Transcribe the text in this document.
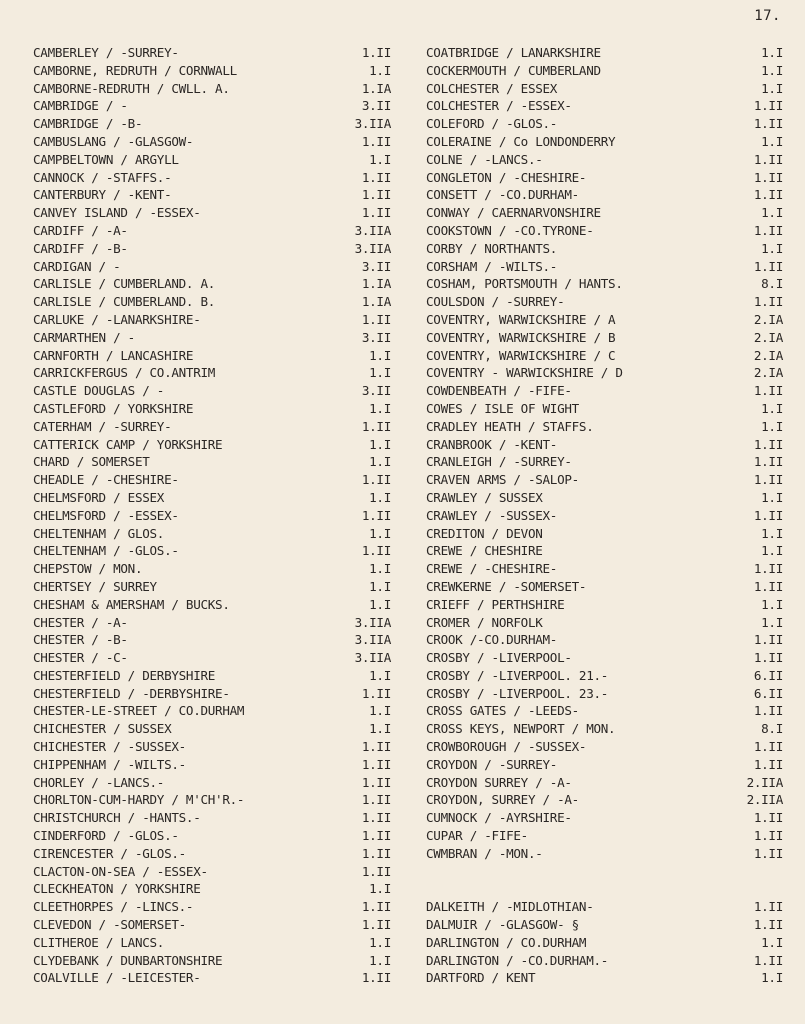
17.
CAMBERLEY / -SURREY-	1.II
CAMBORNE, REDRUTH / CORNWALL	1.I
CAMBORNE-REDRUTH / CWLL. A.	1.IA
CAMBRIDGE / -	3.II
CAMBRIDGE / -B-	3.IIA
CAMBUSLANG / -GLASGOW-	1.II
CAMPBELTOWN / ARGYLL	1.I
CANNOCK / -STAFFS.-	1.II
CANTERBURY / -KENT-	1.II
CANVEY ISLAND / -ESSEX-	1.II
CARDIFF / -A-	3.IIA
CARDIFF / -B-	3.IIA
CARDIGAN / -	3.II
CARLISLE / CUMBERLAND. A.	1.IA
CARLISLE / CUMBERLAND. B.	1.IA
CARLUKE / -LANARKSHIRE-	1.II
CARMARTHEN / -	3.II
CARNFORTH / LANCASHIRE	1.I
CARRICKFERGUS / CO.ANTRIM	1.I
CASTLE DOUGLAS / -	3.II
CASTLEFORD / YORKSHIRE	1.I
CATERHAM / -SURREY-	1.II
CATTERICK CAMP / YORKSHIRE	1.I
CHARD / SOMERSET	1.I
CHEADLE / -CHESHIRE-	1.II
CHELMSFORD / ESSEX	1.I
CHELMSFORD / -ESSEX-	1.II
CHELTENHAM / GLOS.	1.I
CHELTENHAM / -GLOS.-	1.II
CHEPSTOW / MON.	1.I
CHERTSEY / SURREY	1.I
CHESHAM & AMERSHAM / BUCKS.	1.I
CHESTER / -A-	3.IIA
CHESTER / -B-	3.IIA
CHESTER / -C-	3.IIA
CHESTERFIELD / DERBYSHIRE	1.I
CHESTERFIELD / -DERBYSHIRE-	1.II
CHESTER-LE-STREET / CO.DURHAM	1.I
CHICHESTER / SUSSEX	1.I
CHICHESTER / -SUSSEX-	1.II
CHIPPENHAM / -WILTS.-	1.II
CHORLEY / -LANCS.-	1.II
CHORLTON-CUM-HARDY / M'CH'R.-	1.II
CHRISTCHURCH / -HANTS.-	1.II
CINDERFORD / -GLOS.-	1.II
CIRENCESTER / -GLOS.-	1.II
CLACTON-ON-SEA / -ESSEX-	1.II
CLECKHEATON / YORKSHIRE	1.I
CLEETHORPES / -LINCS.-	1.II
CLEVEDON / -SOMERSET-	1.II
CLITHEROE / LANCS.	1.I
CLYDEBANK / DUNBARTONSHIRE	1.I
COALVILLE / -LEICESTER-	1.II
COATBRIDGE / LANARKSHIRE	1.I
COCKERMOUTH / CUMBERLAND	1.I
COLCHESTER / ESSEX	1.I
COLCHESTER / -ESSEX-	1.II
COLEFORD / -GLOS.-	1.II
COLERAINE / Co LONDONDERRY	1.I
COLNE / -LANCS.-	1.II
CONGLETON / -CHESHIRE-	1.II
CONSETT / -CO.DURHAM-	1.II
CONWAY / CAERNARVONSHIRE	1.I
COOKSTOWN / -CO.TYRONE-	1.II
CORBY / NORTHANTS.	1.I
CORSHAM / -WILTS.-	1.II
COSHAM, PORTSMOUTH / HANTS.	8.I
COULSDON / -SURREY-	1.II
COVENTRY, WARWICKSHIRE / A	2.IA
COVENTRY, WARWICKSHIRE / B	2.IA
COVENTRY, WARWICKSHIRE / C	2.IA
COVENTRY - WARWICKSHIRE / D	2.IA
COWDENBEATH / -FIFE-	1.II
COWES / ISLE OF WIGHT	1.I
CRADLEY HEATH / STAFFS.	1.I
CRANBROOK / -KENT-	1.II
CRANLEIGH / -SURREY-	1.II
CRAVEN ARMS / -SALOP-	1.II
CRAWLEY / SUSSEX	1.I
CRAWLEY / -SUSSEX-	1.II
CREDITON / DEVON	1.I
CREWE / CHESHIRE	1.I
CREWE / -CHESHIRE-	1.II
CREWKERNE / -SOMERSET-	1.II
CRIEFF / PERTHSHIRE	1.I
CROMER / NORFOLK	1.I
CROOK /-CO.DURHAM-	1.II
CROSBY / -LIVERPOOL-	1.II
CROSBY / -LIVERPOOL. 21.-	6.II
CROSBY / -LIVERPOOL. 23.-	6.II
CROSS GATES / -LEEDS-	1.II
CROSS KEYS, NEWPORT / MON.	8.I
CROWBOROUGH / -SUSSEX-	1.II
CROYDON / -SURREY-	1.II
CROYDON SURREY / -A-	2.IIA
CROYDON, SURREY / -A-	2.IIA
CUMNOCK / -AYRSHIRE-	1.II
CUPAR / -FIFE-	1.II
CWMBRAN / -MON.-	1.II
DALKEITH / -MIDLOTHIAN-	1.II
DALMUIR / -GLASGOW- §	1.II
DARLINGTON / CO.DURHAM	1.I
DARLINGTON / -CO.DURHAM.-	1.II
DARTFORD / KENT	1.I
